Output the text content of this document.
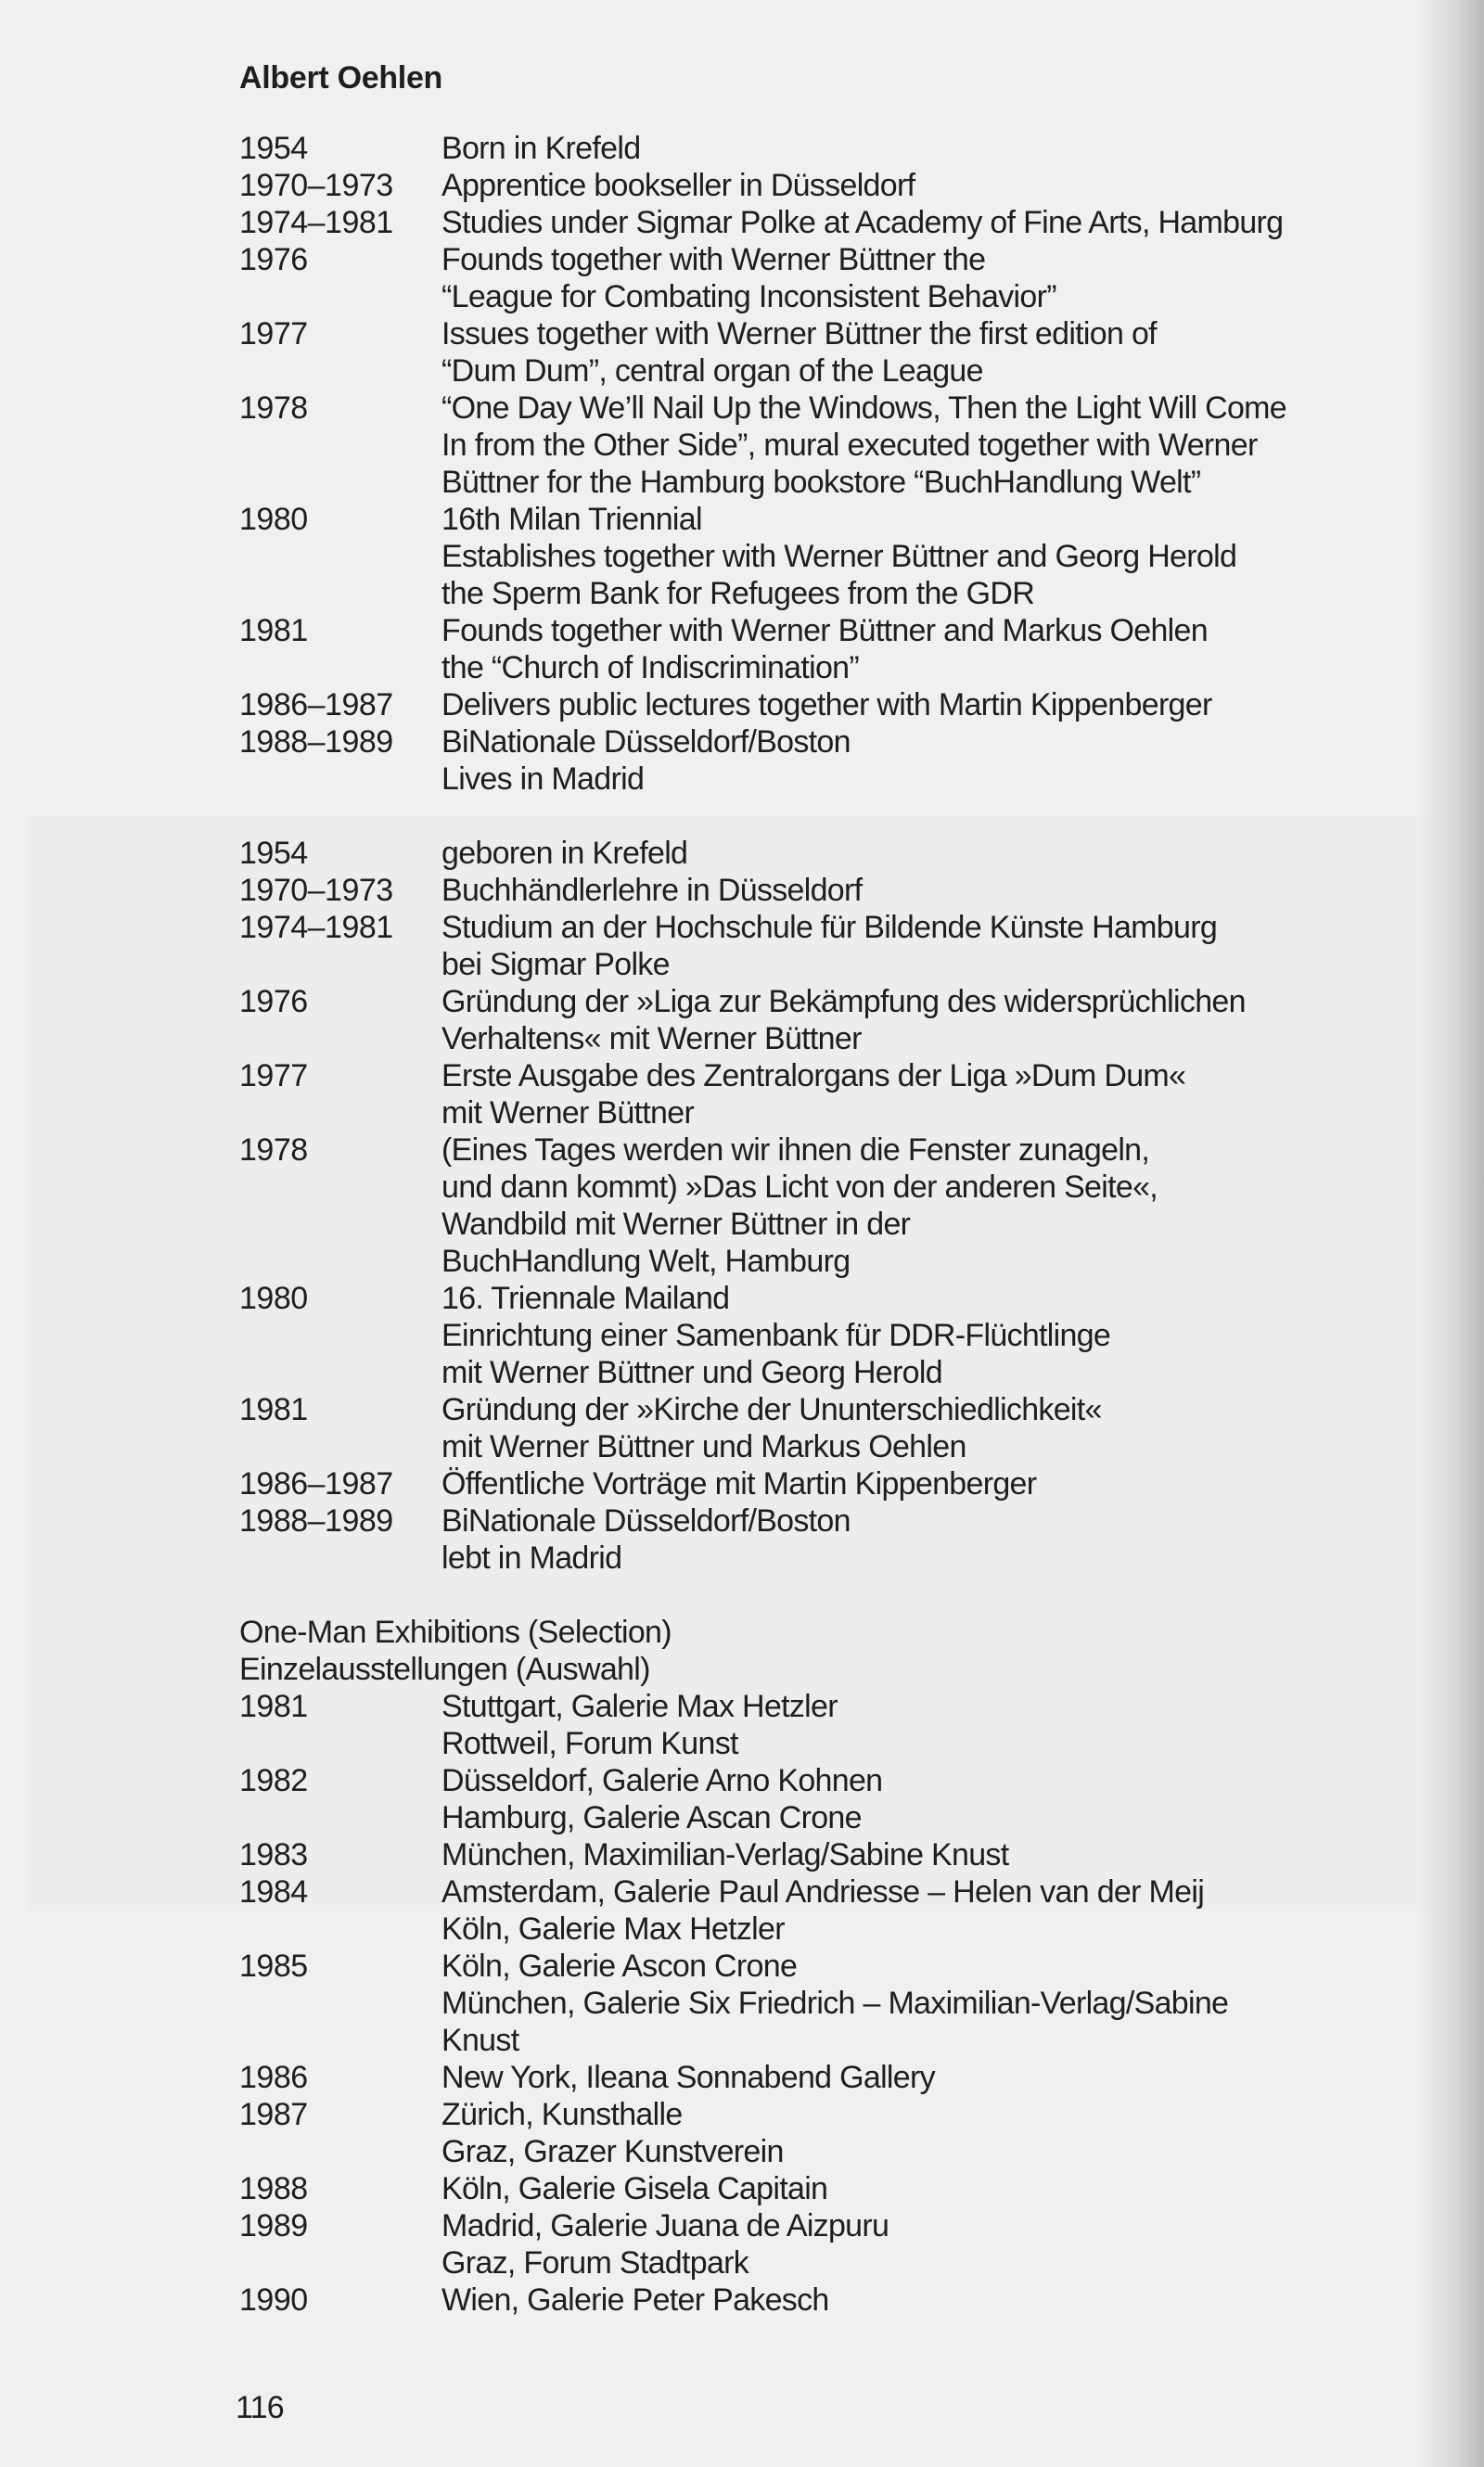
Albert Oehlen
1954	Born in Krefeld
1970–1973	Apprentice bookseller in Düsseldorf
1974–1981	Studies under Sigmar Polke at Academy of Fine Arts, Hamburg
1976	Founds together with Werner Büttner the
“League for Combating Inconsistent Behavior”
1977	Issues together with Werner Büttner the first edition of
“Dum Dum”, central organ of the League
1978	“One Day We’ll Nail Up the Windows, Then the Light Will Come
In from the Other Side”, mural executed together with Werner
Büttner for the Hamburg bookstore “BuchHandlung Welt”
1980	16th Milan Triennial
Establishes together with Werner Büttner and Georg Herold
the Sperm Bank for Refugees from the GDR
1981	Founds together with Werner Büttner and Markus Oehlen
the “Church of Indiscrimination”
1986–1987	Delivers public lectures together with Martin Kippenberger
1988–1989	BiNationale Düsseldorf/Boston
Lives in Madrid
1954	geboren in Krefeld
1970–1973	Buchhändlerlehre in Düsseldorf
1974–1981	Studium an der Hochschule für Bildende Künste Hamburg
bei Sigmar Polke
1976	Gründung der »Liga zur Bekämpfung des widersprüchlichen
Verhaltens« mit Werner Büttner
1977	Erste Ausgabe des Zentralorgans der Liga »Dum Dum«
mit Werner Büttner
1978	(Eines Tages werden wir ihnen die Fenster zunageln,
und dann kommt) »Das Licht von der anderen Seite«,
Wandbild mit Werner Büttner in der
BuchHandlung Welt, Hamburg
1980	16. Triennale Mailand
Einrichtung einer Samenbank für DDR-Flüchtlinge
mit Werner Büttner und Georg Herold
1981	Gründung der »Kirche der Ununterschiedlichkeit«
mit Werner Büttner und Markus Oehlen
1986–1987	Öffentliche Vorträge mit Martin Kippenberger
1988–1989	BiNationale Düsseldorf/Boston
lebt in Madrid
One-Man Exhibitions (Selection)
Einzelausstellungen (Auswahl)
1981	Stuttgart, Galerie Max Hetzler
Rottweil, Forum Kunst
1982	Düsseldorf, Galerie Arno Kohnen
Hamburg, Galerie Ascan Crone
1983	München, Maximilian-Verlag/Sabine Knust
1984	Amsterdam, Galerie Paul Andriesse – Helen van der Meij
Köln, Galerie Max Hetzler
1985	Köln, Galerie Ascon Crone
München, Galerie Six Friedrich – Maximilian-Verlag/Sabine
Knust
1986	New York, Ileana Sonnabend Gallery
1987	Zürich, Kunsthalle
Graz, Grazer Kunstverein
1988	Köln, Galerie Gisela Capitain
1989	Madrid, Galerie Juana de Aizpuru
Graz, Forum Stadtpark
1990	Wien, Galerie Peter Pakesch
116
